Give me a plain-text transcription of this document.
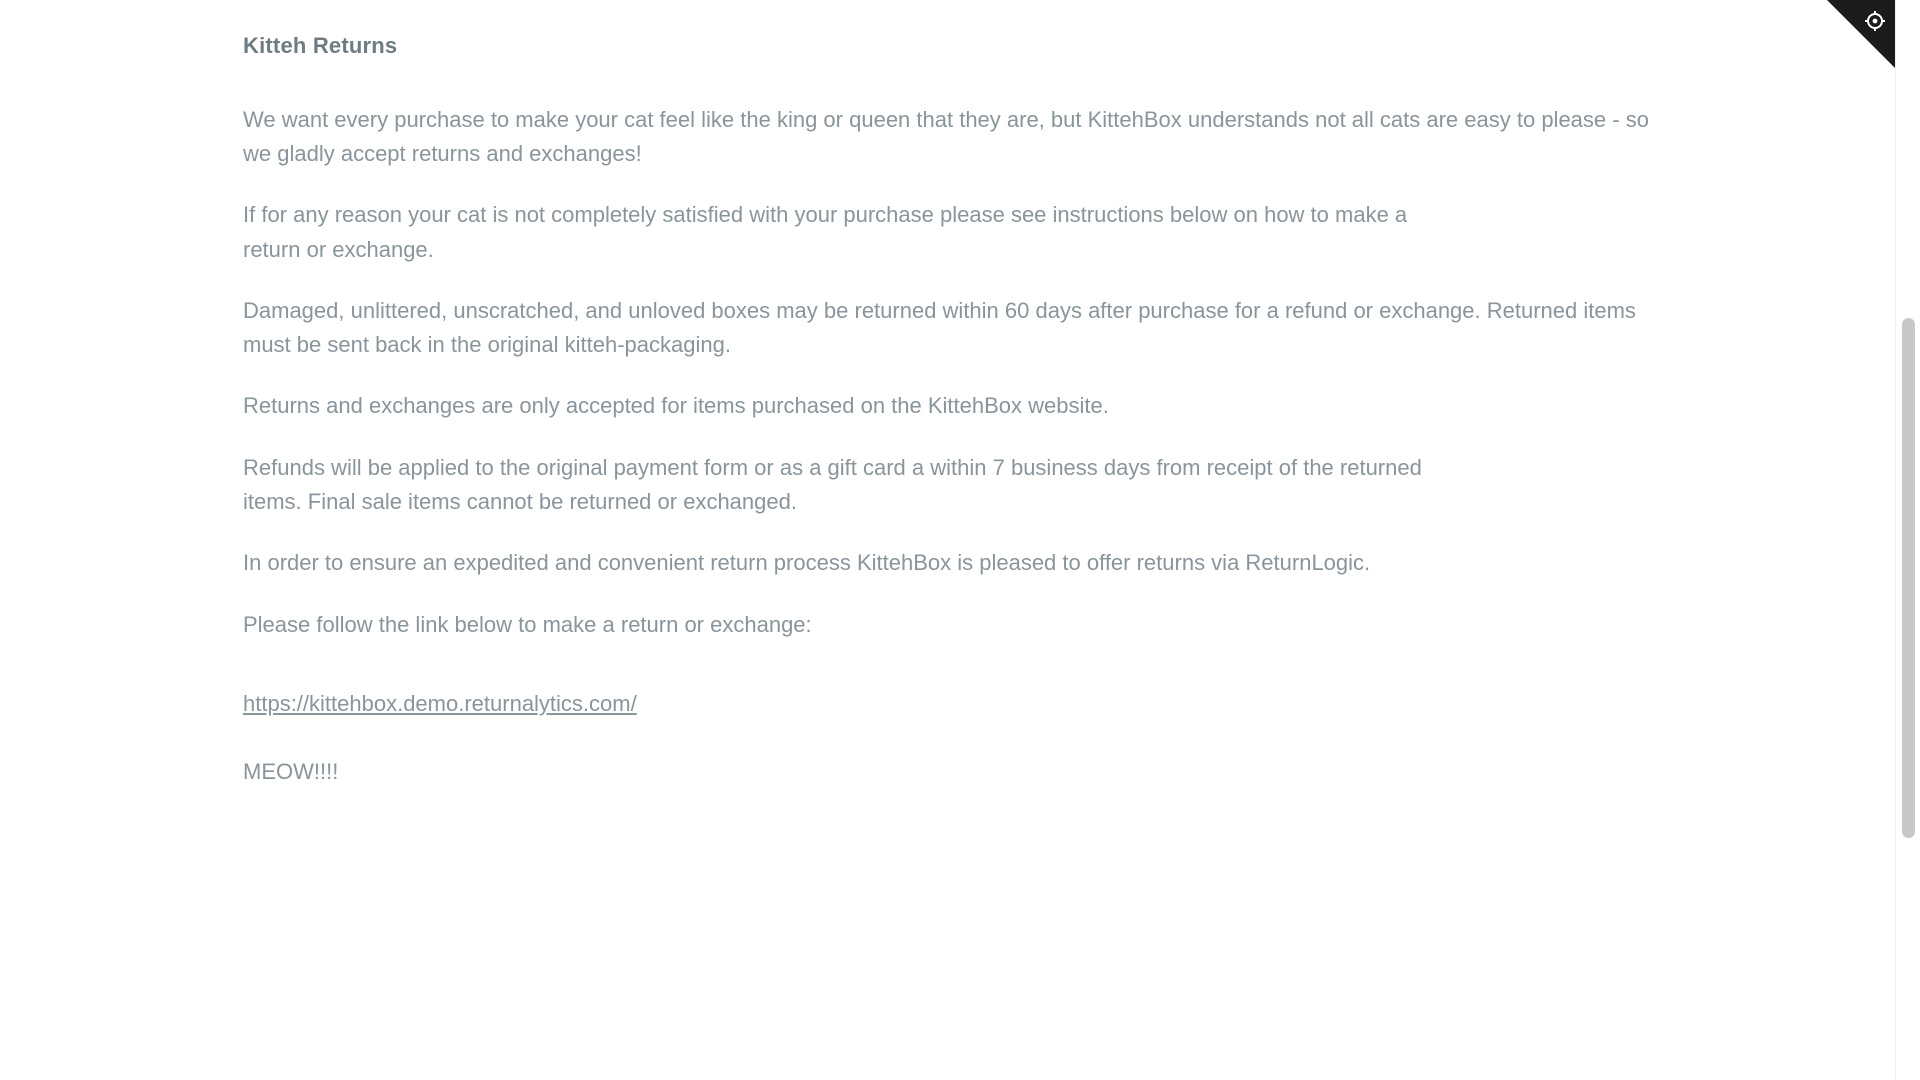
Kitteh Returns

We want every purchase to make your cat feel like the king or queen that they are, but KittehBox understands not all cats are easy to please - so we gladly accept returns and exchanges!

If for any reason your cat is not completely satisfied with your purchase please see instructions below on how to make a return or exchange.

Damaged, unlittered, unscratched, and unloved boxes may be returned within 60 days after purchase for a refund or exchange. Returned items must be sent back in the original kitteh-packaging.

Returns and exchanges are only accepted for items purchased on the KittehBox website.

Refunds will be applied to the original payment form or as a gift card a within 7 business days from receipt of the returned items. Final sale items cannot be returned or exchanged.

In order to ensure an expedited and convenient return process KittehBox is pleased to offer returns via ReturnLogic.

Please follow the link below to make a return or exchange:

https://kittehbox.demo.returnalytics.com/

MEOW!!!!
